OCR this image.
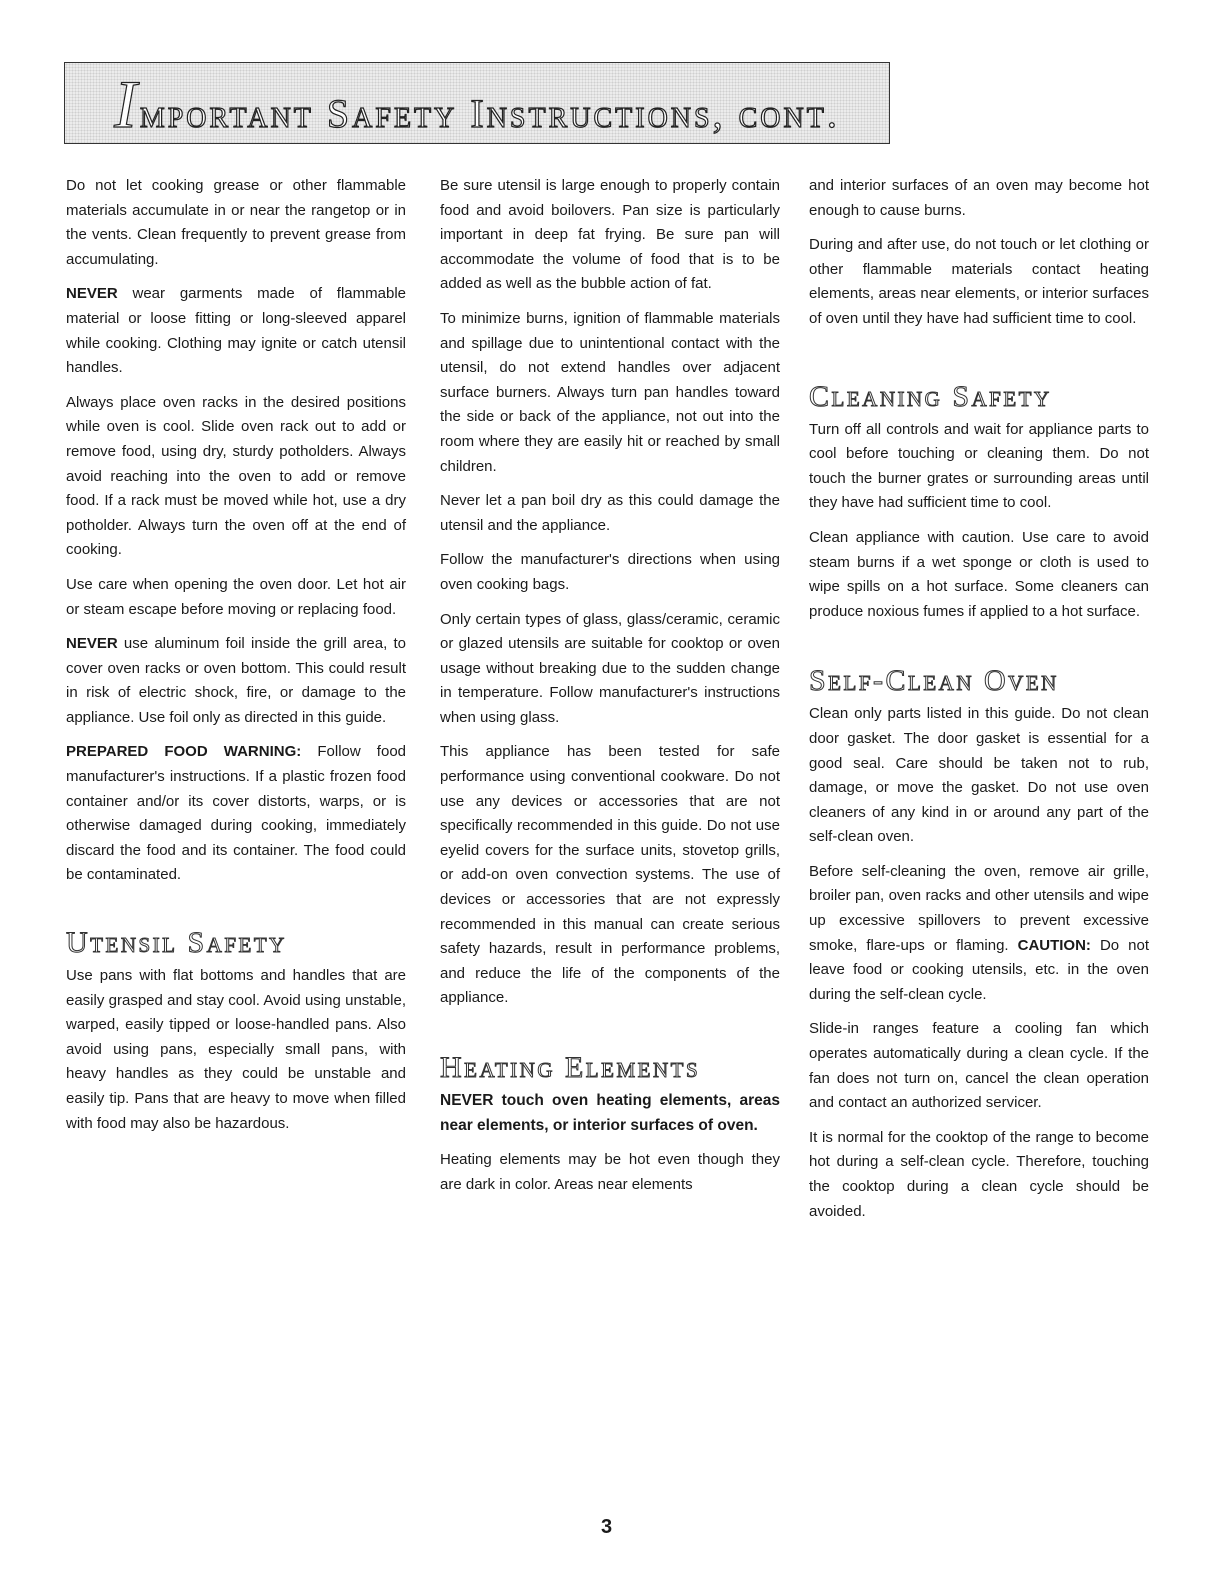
Important Safety Instructions, cont.

Do not let cooking grease or other flammable materials accumulate in or near the rangetop or in the vents. Clean frequently to prevent grease from accumulating.

NEVER wear garments made of flammable material or loose fitting or long-sleeved apparel while cooking. Clothing may ignite or catch utensil handles.

Always place oven racks in the desired positions while oven is cool. Slide oven rack out to add or remove food, using dry, sturdy potholders. Always avoid reaching into the oven to add or remove food. If a rack must be moved while hot, use a dry potholder. Always turn the oven off at the end of cooking.

Use care when opening the oven door. Let hot air or steam escape before moving or replacing food.

NEVER use aluminum foil inside the grill area, to cover oven racks or oven bottom. This could result in risk of electric shock, fire, or damage to the appliance. Use foil only as directed in this guide.

PREPARED FOOD WARNING: Follow food manufacturer's instructions. If a plastic frozen food container and/or its cover distorts, warps, or is otherwise damaged during cooking, immediately discard the food and its container. The food could be contaminated.

Utensil Safety

Use pans with flat bottoms and handles that are easily grasped and stay cool. Avoid using unstable, warped, easily tipped or loose-handled pans. Also avoid using pans, especially small pans, with heavy handles as they could be unstable and easily tip. Pans that are heavy to move when filled with food may also be hazardous.

Be sure utensil is large enough to properly contain food and avoid boilovers. Pan size is particularly important in deep fat frying. Be sure pan will accommodate the volume of food that is to be added as well as the bubble action of fat.

To minimize burns, ignition of flammable materials and spillage due to unintentional contact with the utensil, do not extend handles over adjacent surface burners. Always turn pan handles toward the side or back of the appliance, not out into the room where they are easily hit or reached by small children.

Never let a pan boil dry as this could damage the utensil and the appliance.

Follow the manufacturer's directions when using oven cooking bags.

Only certain types of glass, glass/ceramic, ceramic or glazed utensils are suitable for cooktop or oven usage without breaking due to the sudden change in temperature. Follow manufacturer's instructions when using glass.

This appliance has been tested for safe performance using conventional cookware. Do not use any devices or accessories that are not specifically recommended in this guide. Do not use eyelid covers for the surface units, stovetop grills, or add-on oven convection systems. The use of devices or accessories that are not expressly recommended in this manual can create serious safety hazards, result in performance problems, and reduce the life of the components of the appliance.

Heating Elements

NEVER touch oven heating elements, areas near elements, or interior surfaces of oven.

Heating elements may be hot even though they are dark in color. Areas near elements

and interior surfaces of an oven may become hot enough to cause burns.

During and after use, do not touch or let clothing or other flammable materials contact heating elements, areas near elements, or interior surfaces of oven until they have had sufficient time to cool.

Cleaning Safety

Turn off all controls and wait for appliance parts to cool before touching or cleaning them. Do not touch the burner grates or surrounding areas until they have had sufficient time to cool.

Clean appliance with caution. Use care to avoid steam burns if a wet sponge or cloth is used to wipe spills on a hot surface. Some cleaners can produce noxious fumes if applied to a hot surface.

Self-Clean Oven

Clean only parts listed in this guide. Do not clean door gasket. The door gasket is essential for a good seal. Care should be taken not to rub, damage, or move the gasket. Do not use oven cleaners of any kind in or around any part of the self-clean oven.

Before self-cleaning the oven, remove air grille, broiler pan, oven racks and other utensils and wipe up excessive spillovers to prevent excessive smoke, flare-ups or flaming. CAUTION: Do not leave food or cooking utensils, etc. in the oven during the self-clean cycle.

Slide-in ranges feature a cooling fan which operates automatically during a clean cycle. If the fan does not turn on, cancel the clean operation and contact an authorized servicer.

It is normal for the cooktop of the range to become hot during a self-clean cycle. Therefore, touching the cooktop during a clean cycle should be avoided.

3
